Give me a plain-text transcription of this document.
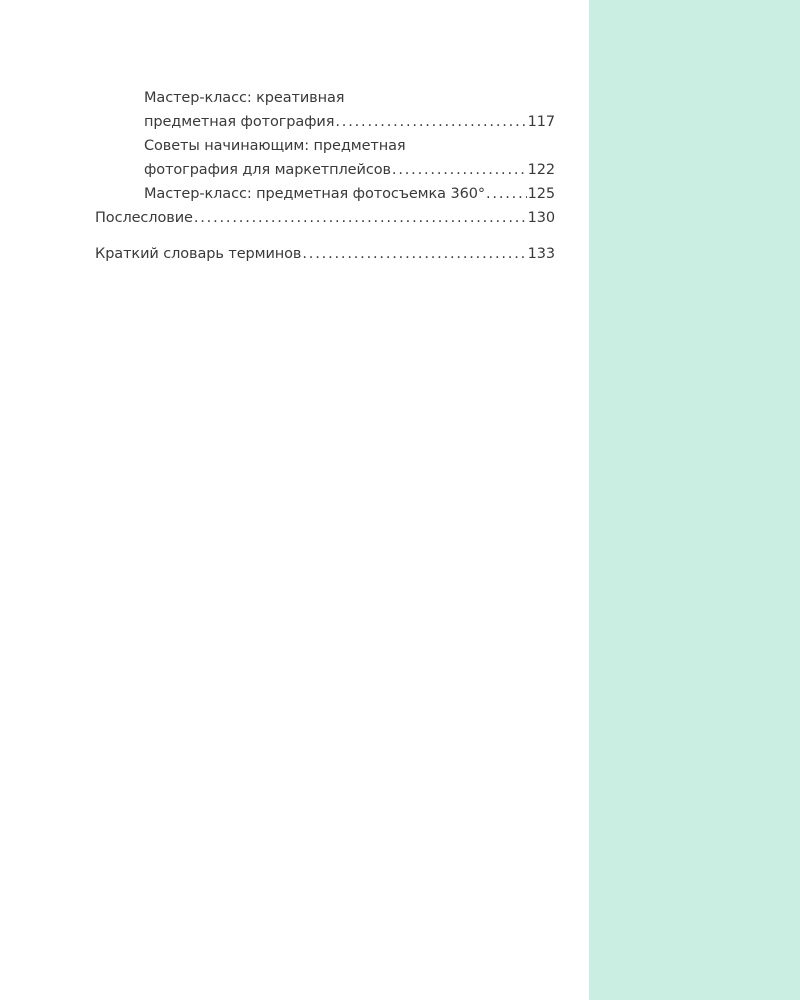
Мастер-класс: креативная
предметная фотография . . .	117
Советы начинающим: предметная
фотография для маркетплейсов . . .	122
Мастер-класс: предметная фотосъемка 360° . . .	125
Послесловие . . .	130
Краткий словарь терминов . . .	133
